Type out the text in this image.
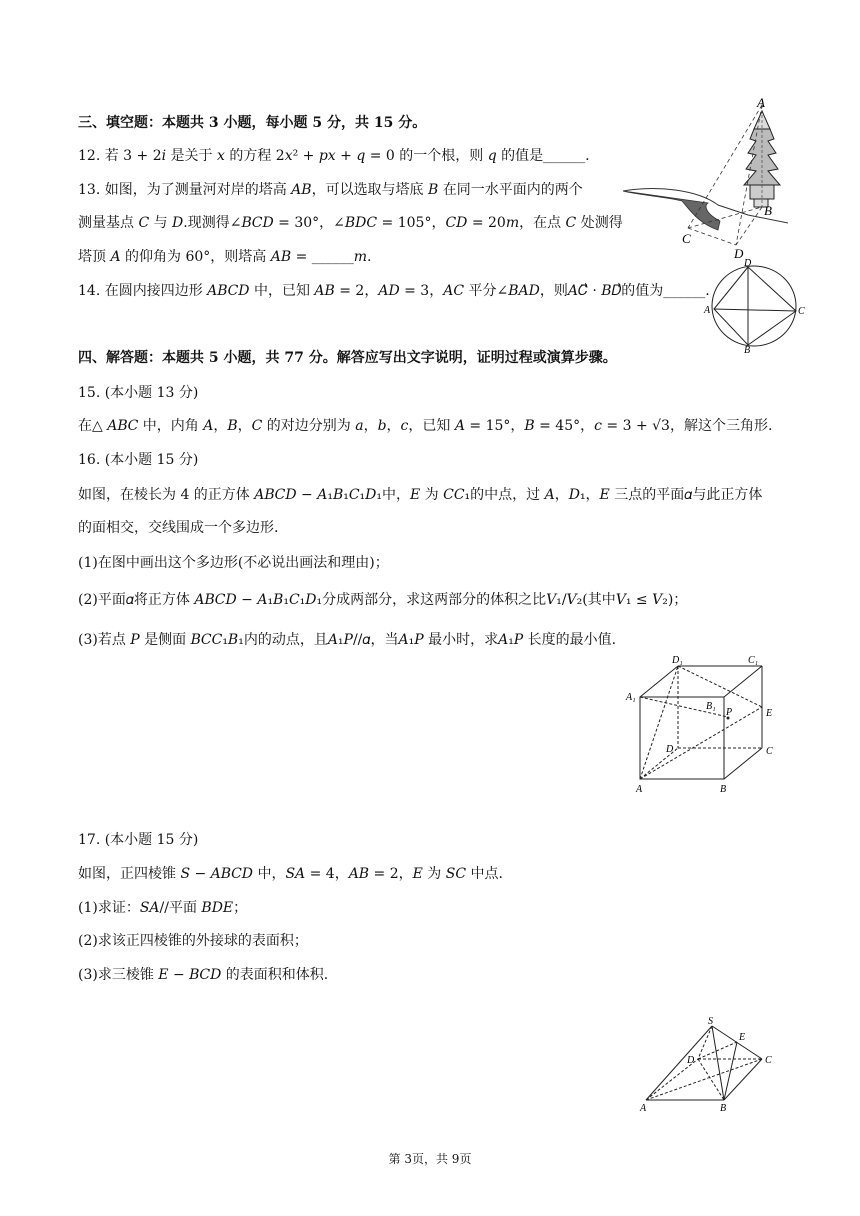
三、填空题：本题共 3 小题，每小题 5 分，共 15 分。
12. 若 3 + 2𝑖 是关于 𝑥 的方程 2𝑥² + 𝑝𝑥 + 𝑞 = 0 的一个根，则 𝑞 的值是______.
13. 如图，为了测量河对岸的塔高 𝐴𝐵，可以选取与塔底 𝐵 在同一水平面内的两个
测量基点 𝐶 与 𝐷.现测得∠𝐵𝐶𝐷 = 30°，∠𝐵𝐷𝐶 = 105°，𝐶𝐷 = 20𝑚，在点 𝐶 处测得
塔顶 𝐴 的仰角为 60°，则塔高 𝐴𝐵 = ______𝑚.
14. 在圆内接四边形 𝐴𝐵𝐶𝐷 中，已知 𝐴𝐵 = 2，𝐴𝐷 = 3，𝐴𝐶 平分∠𝐵𝐴𝐷，则𝐴𝐶⃗ · 𝐵𝐷⃗的值为______.
四、解答题：本题共 5 小题，共 77 分。解答应写出文字说明，证明过程或演算步骤。
15. (本小题 13 分)
在△ 𝐴𝐵𝐶 中，内角 𝐴，𝐵，𝐶 的对边分别为 𝑎，𝑏，𝑐，已知 𝐴 = 15°，𝐵 = 45°，𝑐 = 3 + √3，解这个三角形.
16. (本小题 15 分)
如图，在棱长为 4 的正方体 𝐴𝐵𝐶𝐷 − 𝐴₁𝐵₁𝐶₁𝐷₁中，𝐸 为 𝐶𝐶₁的中点，过 𝐴，𝐷₁，𝐸 三点的平面𝛼与此正方体
的面相交，交线围成一个多边形.
(1)在图中画出这个多边形(不必说出画法和理由)；
(2)平面𝛼将正方体 𝐴𝐵𝐶𝐷 − 𝐴₁𝐵₁𝐶₁𝐷₁分成两部分，求这两部分的体积之比𝑉₁/𝑉₂(其中𝑉₁ ≤ 𝑉₂)；
(3)若点 𝑃 是侧面 𝐵𝐶𝐶₁𝐵₁内的动点，且𝐴₁𝑃//𝛼，当𝐴₁𝑃 最小时，求𝐴₁𝑃 长度的最小值.
17. (本小题 15 分)
如图，正四棱锥 𝑆 − 𝐴𝐵𝐶𝐷 中，𝑆𝐴 = 4，𝐴𝐵 = 2，𝐸 为 𝑆𝐶 中点.
(1)求证：𝑆𝐴//平面 𝐵𝐷𝐸；
(2)求该正四棱锥的外接球的表面积；
(3)求三棱锥 𝐸 − 𝐵𝐶𝐷 的表面积和体积.
A
B
C
D
D
A
B
C
D₁	C₁
A₁
B₁
P	E
D	C
A	B
S
E
D	C
A	B
第 3页，共 9页
